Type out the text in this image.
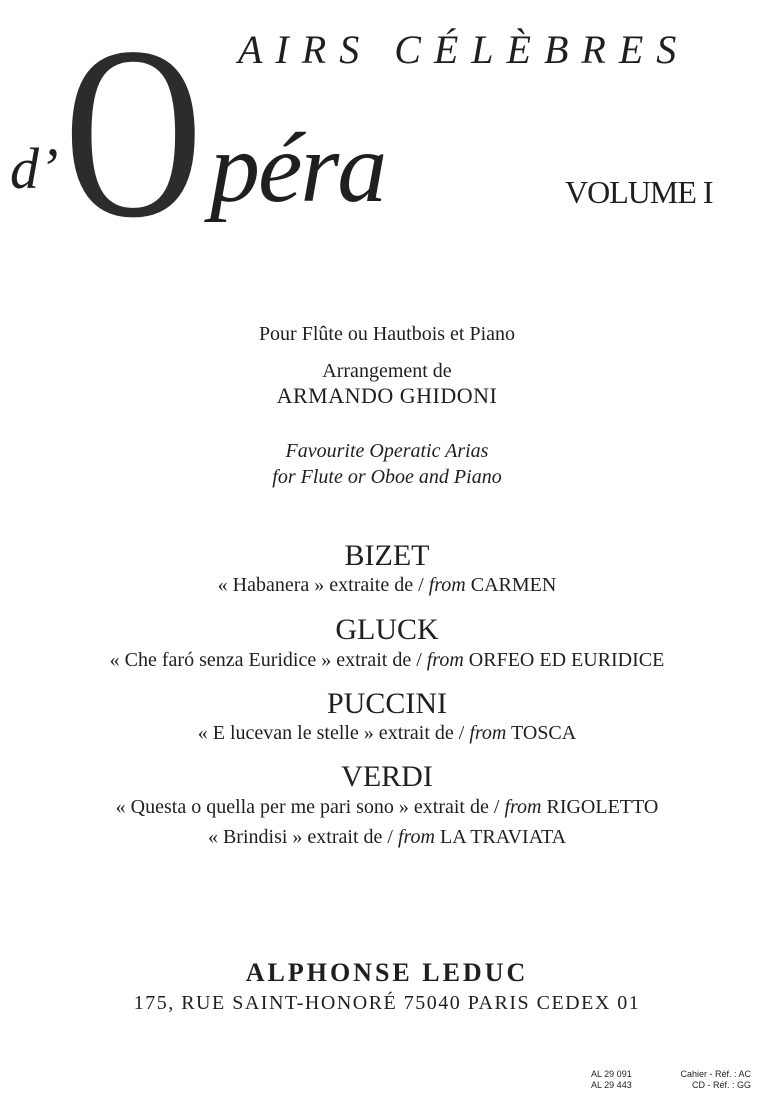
AIRS CÉLÈBRES
O
d’ péra	VOLUME I
Pour Flûte ou Hautbois et Piano
Arrangement de
ARMANDO GHIDONI
Favourite Operatic Arias
for Flute or Oboe and Piano
BIZET
« Habanera » extraite de / from CARMEN
GLUCK
« Che faró senza Euridice » extrait de / from ORFEO ED EURIDICE
PUCCINI
« E lucevan le stelle » extrait de / from TOSCA
VERDI
« Questa o quella per me pari sono » extrait de / from RIGOLETTO
« Brindisi » extrait de / from LA TRAVIATA
ALPHONSE LEDUC
175, RUE SAINT-HONORÉ 75040 PARIS CEDEX 01
AL 29 091
AL 29 443
Cahier - Réf. : AC
CD - Réf. : GG
